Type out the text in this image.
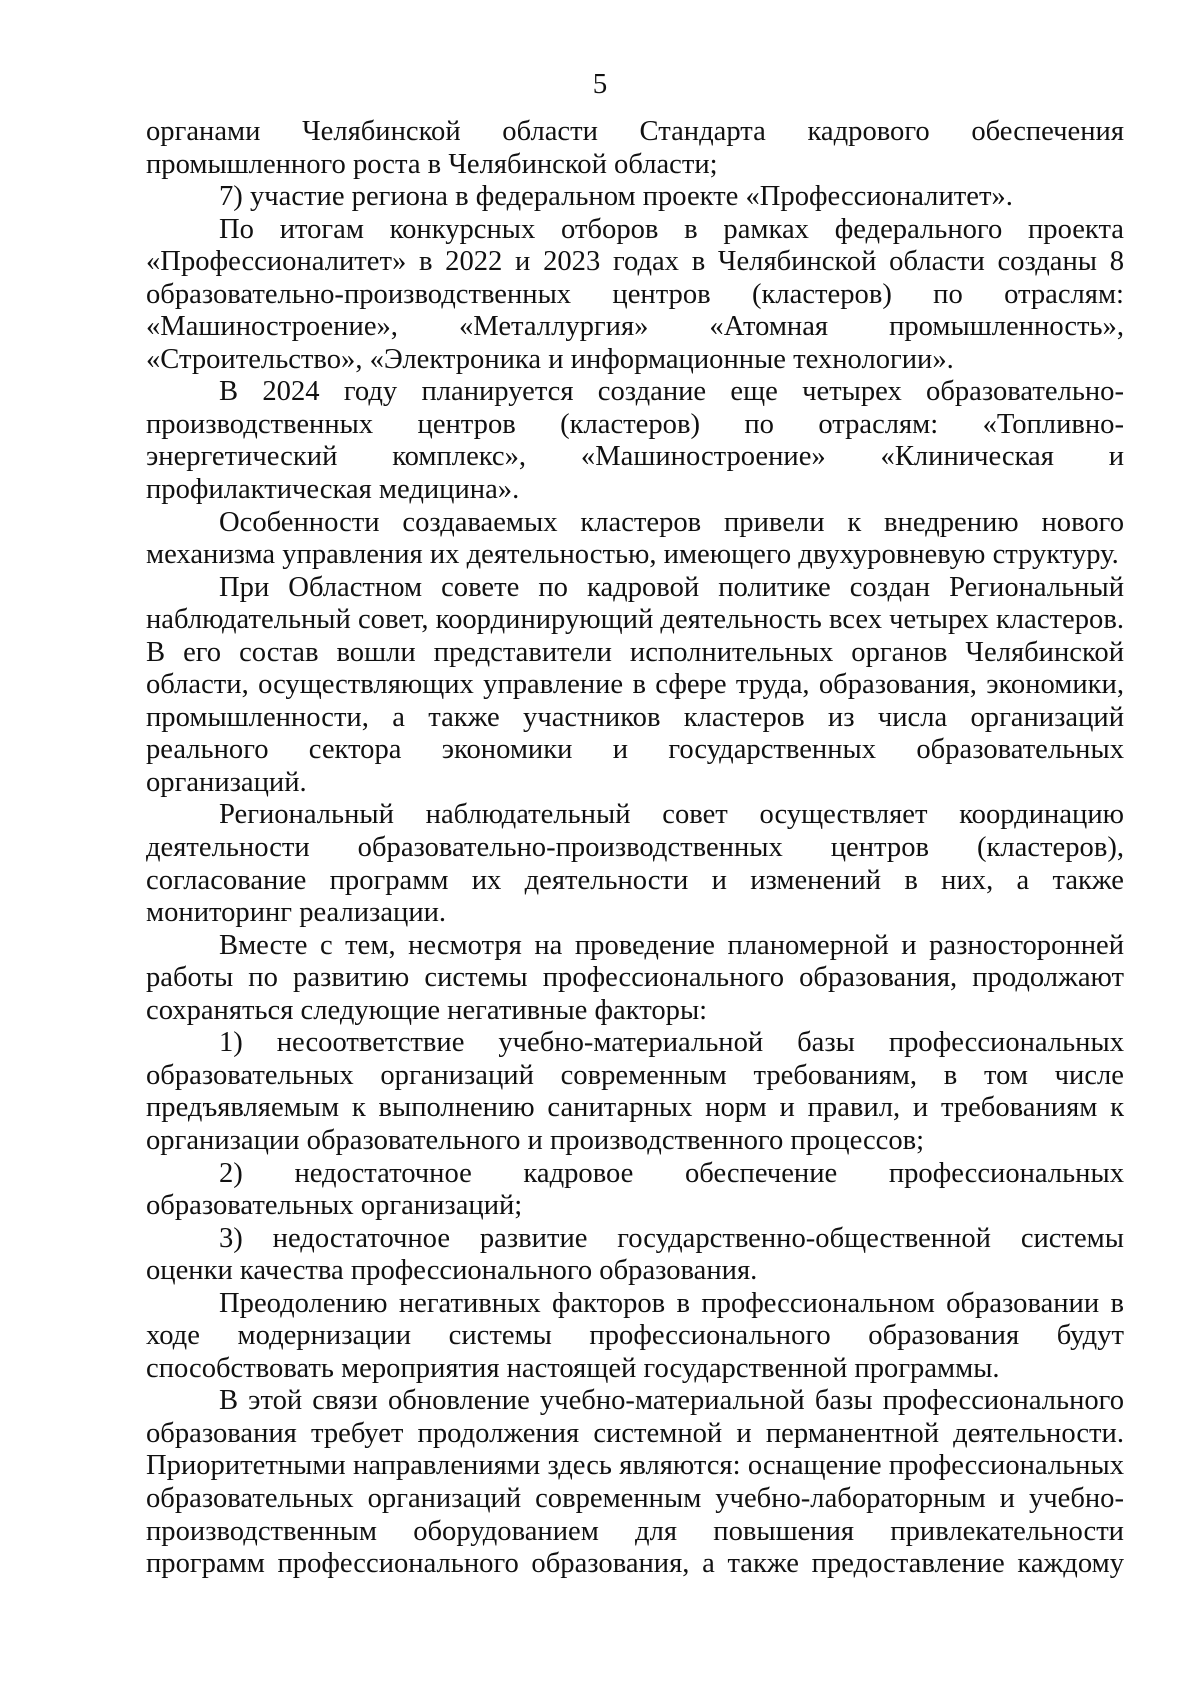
5

органами Челябинской области Стандарта кадрового обеспечения промышленного роста в Челябинской области;

7) участие региона в федеральном проекте «Профессионалитет».

По итогам конкурсных отборов в рамках федерального проекта «Профессионалитет» в 2022 и 2023 годах в Челябинской области созданы 8 образовательно-производственных центров (кластеров) по отраслям: «Машиностроение», «Металлургия» «Атомная промышленность», «Строительство», «Электроника и информационные технологии».

В 2024 году планируется создание еще четырех образовательно-производственных центров (кластеров) по отраслям: «Топливно-энергетический комплекс», «Машиностроение» «Клиническая и профилактическая медицина».

Особенности создаваемых кластеров привели к внедрению нового механизма управления их деятельностью, имеющего двухуровневую структуру.

При Областном совете по кадровой политике создан Региональный наблюдательный совет, координирующий деятельность всех четырех кластеров. В его состав вошли представители исполнительных органов Челябинской области, осуществляющих управление в сфере труда, образования, экономики, промышленности, а также участников кластеров из числа организаций реального сектора экономики и государственных образовательных организаций.

Региональный наблюдательный совет осуществляет координацию деятельности образовательно-производственных центров (кластеров), согласование программ их деятельности и изменений в них, а также мониторинг реализации.

Вместе с тем, несмотря на проведение планомерной и разносторонней работы по развитию системы профессионального образования, продолжают сохраняться следующие негативные факторы:

1) несоответствие учебно-материальной базы профессиональных образовательных организаций современным требованиям, в том числе предъявляемым к выполнению санитарных норм и правил, и требованиям к организации образовательного и производственного процессов;

2) недостаточное кадровое обеспечение профессиональных образовательных организаций;

3) недостаточное развитие государственно-общественной системы оценки качества профессионального образования.

Преодолению негативных факторов в профессиональном образовании в ходе модернизации системы профессионального образования будут способствовать мероприятия настоящей государственной программы.

В этой связи обновление учебно-материальной базы профессионального образования требует продолжения системной и перманентной деятельности. Приоритетными направлениями здесь являются: оснащение профессиональных образовательных организаций современным учебно-лабораторным и учебно-производственным оборудованием для повышения привлекательности программ профессионального образования, а также предоставление каждому
